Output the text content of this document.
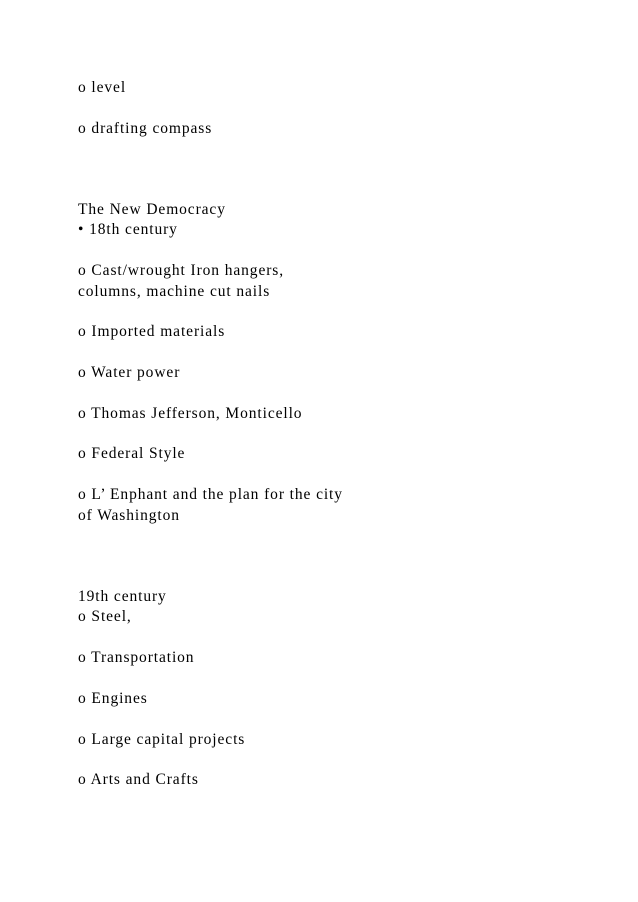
o level

o drafting compass

The New Democracy

• 18th century

o Cast/wrought Iron hangers,

columns, machine cut nails

o Imported materials

o Water power

o Thomas Jefferson, Monticello

o Federal Style

o L’ Enphant and the plan for the city

of Washington

19th century

o Steel,

o Transportation

o Engines

o Large capital projects

o Arts and Crafts
